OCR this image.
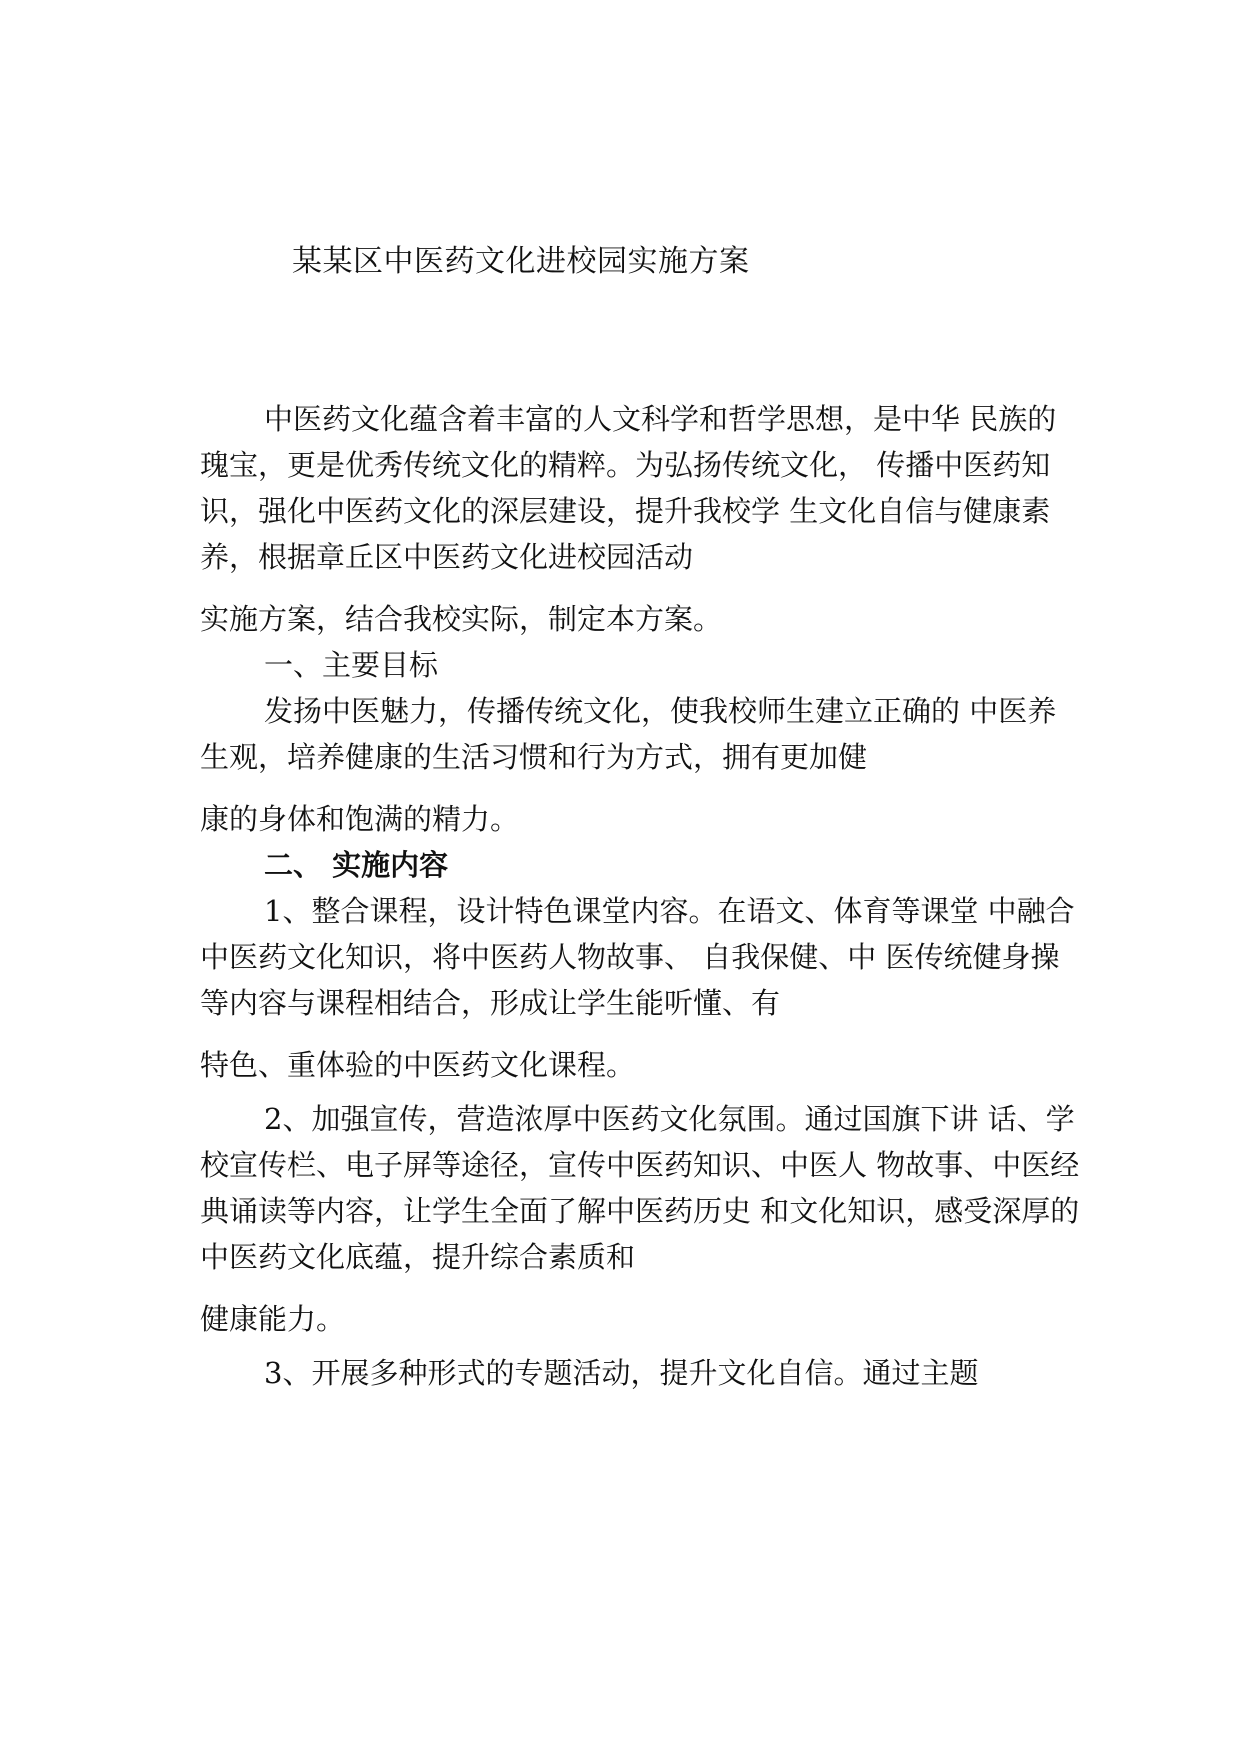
某某区中医药文化进校园实施方案

中医药文化蕴含着丰富的人文科学和哲学思想，是中华 民族的瑰宝，更是优秀传统文化的精粹。为弘扬传统文化， 传播中医药知识，强化中医药文化的深层建设，提升我校学 生文化自信与健康素养，根据章丘区中医药文化进校园活动

实施方案，结合我校实际，制定本方案。

一、主要目标

发扬中医魅力，传播传统文化，使我校师生建立正确的 中医养生观，培养健康的生活习惯和行为方式，拥有更加健

康的身体和饱满的精力。

二、 实施内容

1、整合课程，设计特色课堂内容。在语文、体育等课堂 中融合中医药文化知识，将中医药人物故事、 自我保健、中 医传统健身操等内容与课程相结合，形成让学生能听懂、有

特色、重体验的中医药文化课程。

2、加强宣传，营造浓厚中医药文化氛围。通过国旗下讲 话、学校宣传栏、电子屏等途径，宣传中医药知识、中医人 物故事、中医经典诵读等内容，让学生全面了解中医药历史 和文化知识，感受深厚的中医药文化底蕴，提升综合素质和

健康能力。

3、开展多种形式的专题活动，提升文化自信。通过主题
